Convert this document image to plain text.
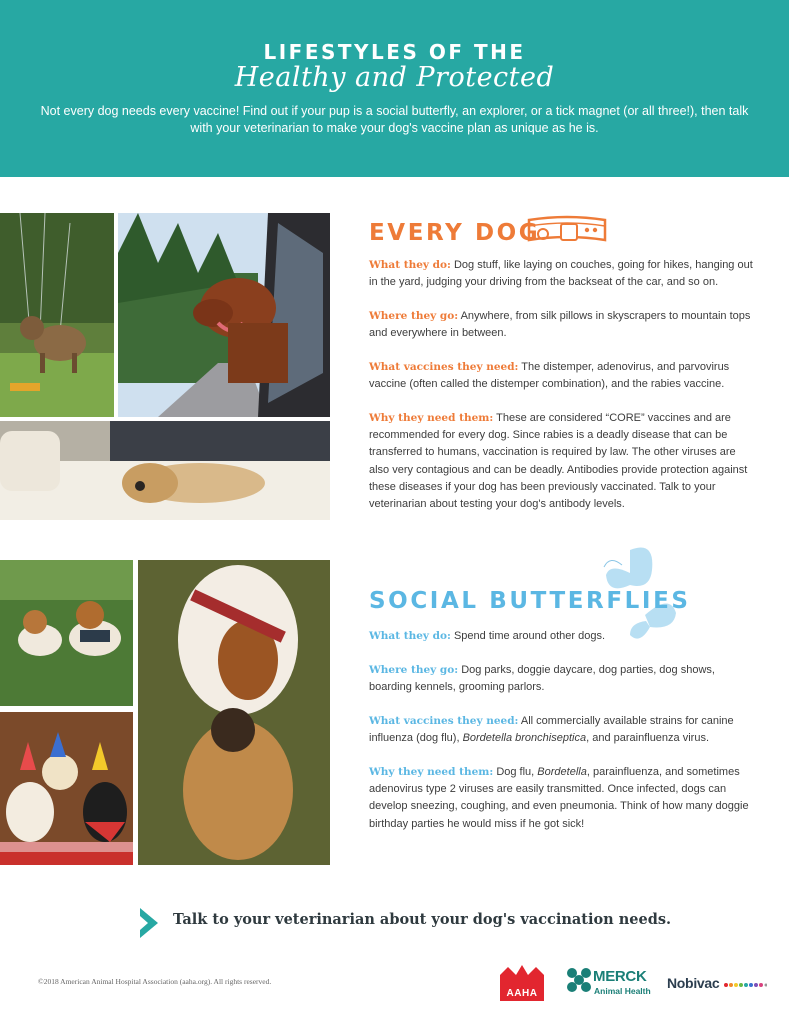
LIFESTYLES OF THE
Healthy and Protected
Not every dog needs every vaccine! Find out if your pup is a social butterfly, an explorer, or a tick magnet (or all three!), then talk with your veterinarian to make your dog's vaccine plan as unique as he is.
EVERY DOG

What they do: Dog stuff, like laying on couches, going for hikes, hanging out in the yard, judging your driving from the backseat of the car, and so on.

Where they go: Anywhere, from silk pillows in skyscrapers to mountain tops and everywhere in between.

What vaccines they need: The distemper, adenovirus, and parvovirus vaccine (often called the distemper combination), and the rabies vaccine.

Why they need them: These are considered “CORE” vaccines and are recommended for every dog. Since rabies is a deadly disease that can be transferred to humans, vaccination is required by law. The other viruses are also very contagious and can be deadly. Antibodies provide protection against these diseases if your dog has been previously vaccinated. Talk to your veterinarian about testing your dog's antibody levels.

SOCIAL BUTTERFLIES

What they do: Spend time around other dogs.

Where they go: Dog parks, doggie daycare, dog parties, dog shows, boarding kennels, grooming parlors.

What vaccines they need: All commercially available strains for canine influenza (dog flu), Bordetella bronchiseptica, and parainfluenza virus.

Why they need them: Dog flu, Bordetella, parainfluenza, and sometimes adenovirus type 2 viruses are easily transmitted. Once infected, dogs can develop sneezing, coughing, and even pneumonia. Think of how many doggie birthday parties he would miss if he got sick!

Talk to your veterinarian about your dog's vaccination needs.
©2018 American Animal Hospital Association (aaha.org). All rights reserved.
AAHA
MERCK
Animal Health Nobivac
